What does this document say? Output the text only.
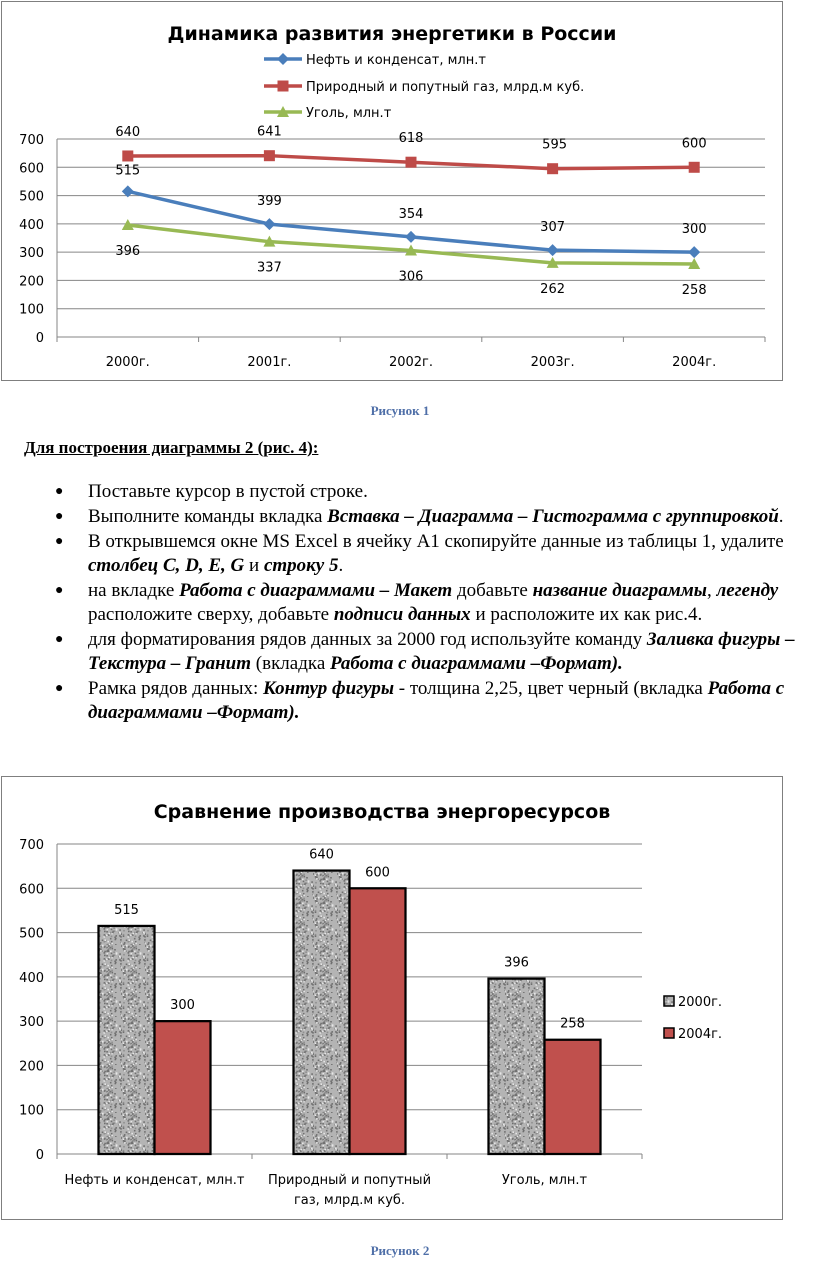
Динамика развития энергетики в России
Нефть и конденсат, млн.т
Природный и попутный газ, млрд.м куб.
Уголь, млн.т
0
100
200
300
400
500
600
700
2000г.	2001г.	2002г.	2003г.	2004г.
515
399
354
307	300
640	641	618	595	600
396
337
306
262	258
Рисунок 1
Для построения диаграммы 2 (рис. 4):
● Поставьте курсор в пустой строке.
● Выполните команды вкладка Вставка – Диаграмма – Гистограмма с группировкой.
● В открывшемся окне MS Excel в ячейку А1 скопируйте данные из таблицы 1, удалите столбец C, D, E, G и строку 5.
● на вкладке Работа с диаграммами – Макет добавьте название диаграммы, легенду расположите сверху, добавьте подписи данных и расположите их как рис.4.
● для форматирования рядов данных за 2000 год используйте команду Заливка фигуры – Текстура – Гранит (вкладка Работа с диаграммами –Формат).
● Рамка рядов данных: Контур фигуры - толщина 2,25, цвет черный (вкладка Работа с диаграммами –Формат).
Сравнение производства энергоресурсов
0
100
200
300
400
500
600
700
Нефть и конденсат, млн.т Природный и попутный
газ, млрд.м куб.
Уголь, млн.т
515
640
396
300
600
258
2000г.
2004г.
Рисунок 2
